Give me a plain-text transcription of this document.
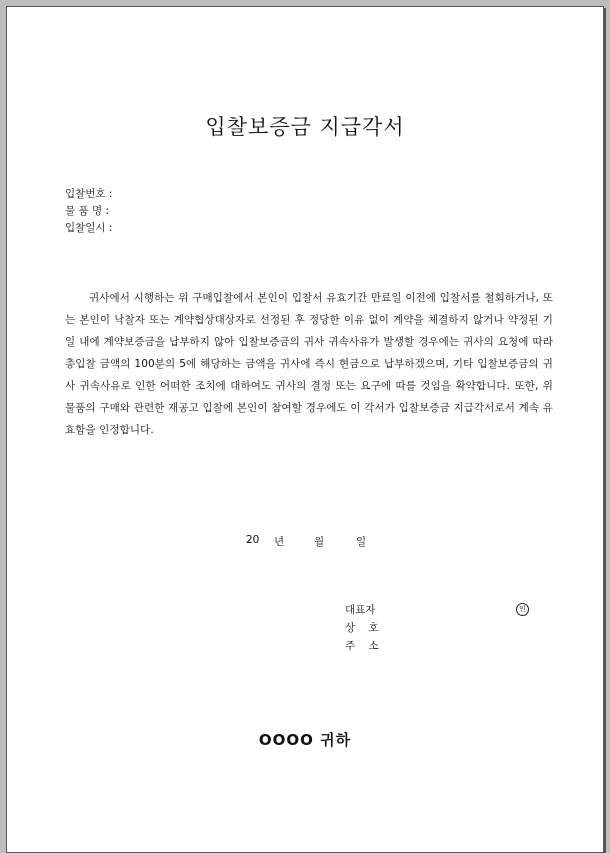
입찰보증금 지급각서
입찰번호 :
물 품 명 :
입찰일시 :
귀사에서 시행하는 위 구매입찰에서 본인이 입찰서 유효기간 만료일 이전에 입찰서를 철회하거나, 또는 본인이 낙찰자 또는 계약협상대상자로 선정된 후 정당한 이유 없이 계약을 체결하지 않거나 약정된 기일 내에 계약보증금을 납부하지 않아 입찰보증금의 귀사 귀속사유가 발생할 경우에는 귀사의 요청에 따라 총입찰 금액의 100분의 5에 해당하는 금액을 귀사에 즉시 현금으로 납부하겠으며, 기타 입찰보증금의 귀사 귀속사유로 인한 어떠한 조치에 대하여도 귀사의 결정 또는 요구에 따를 것임을 확약합니다. 또한, 위 물품의 구매와 관련한 재공고 입찰에 본인이 참여할 경우에도 이 각서가 입찰보증금 지급각서로서 계속 유효함을 인정합니다.
20 년	월	일
대표자	인
상    호
주    소
OOOO 귀하
